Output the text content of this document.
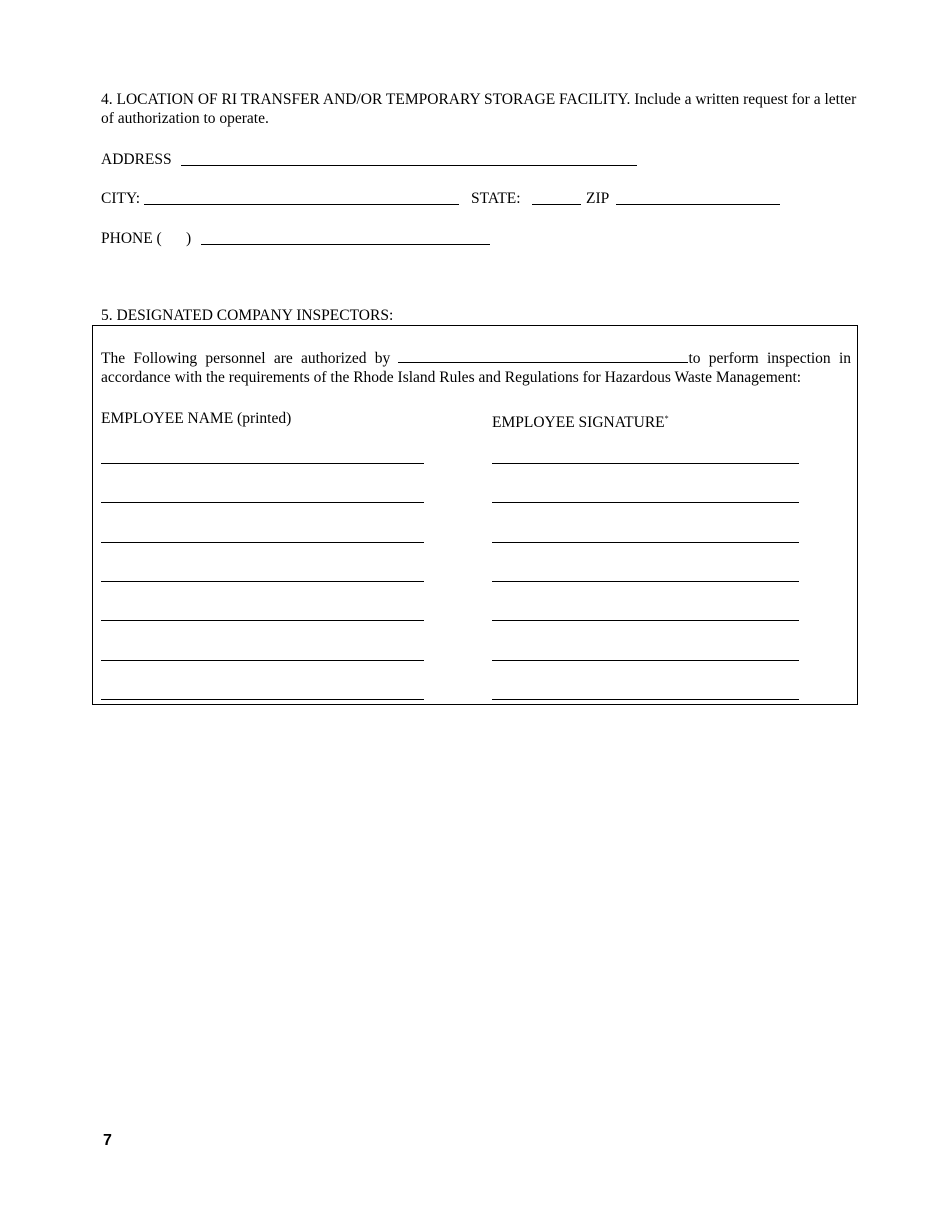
4. LOCATION OF RI TRANSFER AND/OR TEMPORARY STORAGE FACILITY. Include a written request for a letter of authorization to operate.
ADDRESS
CITY:	STATE:	ZIP
PHONE ( )
5. DESIGNATED COMPANY INSPECTORS:
The Following personnel are authorized by	to perform inspection in accordance with the requirements of the Rhode Island Rules and Regulations for Hazardous Waste Management:
EMPLOYEE NAME (printed)	EMPLOYEE SIGNATURE*
7
